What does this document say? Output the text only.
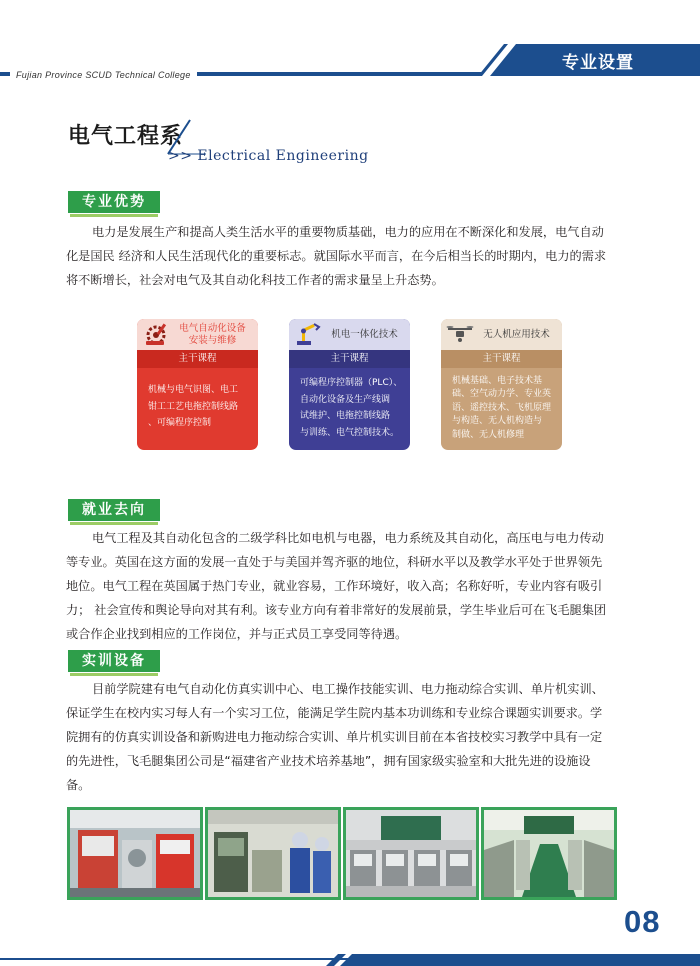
Fujian Province SCUD Technical College
专业设置
电气工程系
>> Electrical Engineering
专业优势
电力是发展生产和提高人类生活水平的重要物质基础，电力的应用在不断深化和发展，电气自动
化是国民 经济和人民生活现代化的重要标志。就国际水平而言，在今后相当长的时期内，电力的需求
将不断增长，社会对电气及其自动化科技工作者的需求量呈上升态势。
电气自动化设备
安装与维修
主干课程
机械与电气识图、电工
钳工工艺电拖控制线路
、可编程序控制
机电一体化技术
主干课程
可编程序控制器（PLC）、
自动化设备及生产线调
试维护、电拖控制线路
与训练、电气控制技术。
无人机应用技术
主干课程
机械基础、电子技术基
础、空气动力学、专业英
语、遥控技术、飞机原理
与构造、无人机构造与
制做、无人机修理
就业去向
电气工程及其自动化包含的二级学科比如电机与电器，电力系统及其自动化，高压电与电力传动
等专业。英国在这方面的发展一直处于与美国并驾齐驱的地位，科研水平以及教学水平处于世界领先
地位。电气工程在英国属于热门专业，就业容易，工作环境好，收入高；名称好听，专业内容有吸引
力； 社会宣传和舆论导向对其有利。该专业方向有着非常好的发展前景，学生毕业后可在飞毛腿集团
或合作企业找到相应的工作岗位，并与正式员工享受同等待遇。
实训设备
目前学院建有电气自动化仿真实训中心、电工操作技能实训、电力拖动综合实训、单片机实训、
保证学生在校内实习每人有一个实习工位，能满足学生院内基本功训练和专业综合课题实训要求。学
院拥有的仿真实训设备和新购进电力拖动综合实训、单片机实训目前在本省技校实习教学中具有一定
的先进性，飞毛腿集团公司是“福建省产业技术培养基地”，拥有国家级实验室和大批先进的设施设
备。
08
